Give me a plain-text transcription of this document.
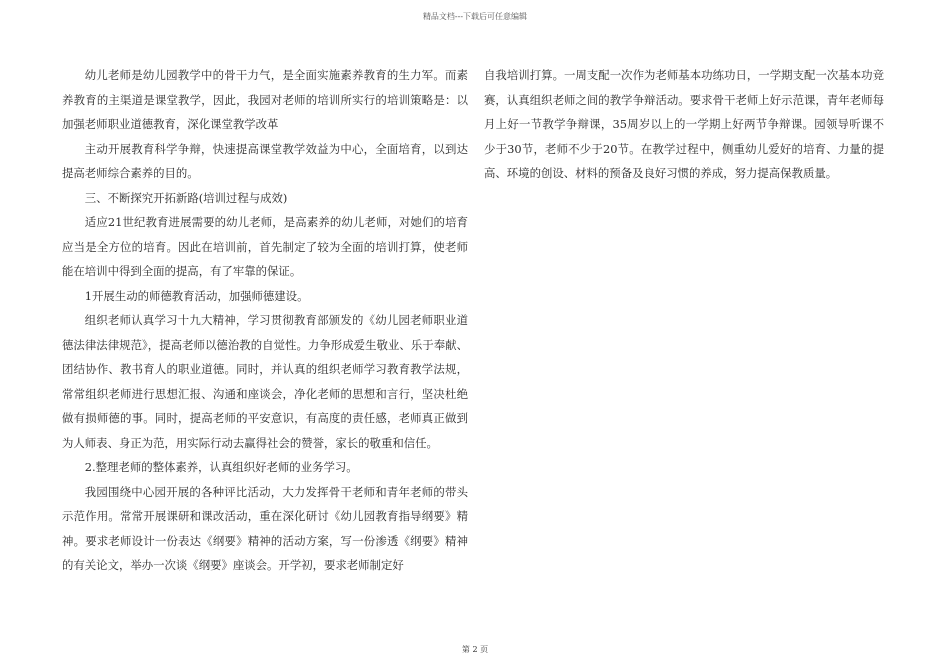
精品文档---下载后可任意编辑

幼儿老师是幼儿园教学中的骨干力气，是全面实施素养教育的生力军。而素养教育的主渠道是课堂教学，因此，我园对老师的培训所实行的培训策略是：以加强老师职业道德教育，深化课堂教学改革

主动开展教育科学争辩，快速提高课堂教学效益为中心，全面培育，以到达提高老师综合素养的目的。

三、不断探究开拓新路(培训过程与成效)

适应21世纪教育进展需要的幼儿老师，是高素养的幼儿老师，对她们的培育应当是全方位的培育。因此在培训前，首先制定了较为全面的培训打算，使老师能在培训中得到全面的提高，有了牢靠的保证。

1开展生动的师德教育活动，加强师德建设。

组织老师认真学习十九大精神，学习贯彻教育部颁发的《幼儿园老师职业道德法律法律规范》，提高老师以德治教的自觉性。力争形成爱生敬业、乐于奉献、团结协作、教书育人的职业道德。同时，并认真的组织老师学习教育教学法规，常常组织老师进行思想汇报、沟通和座谈会，净化老师的思想和言行，坚决杜绝做有损师德的事。同时，提高老师的平安意识，有高度的责任感，老师真正做到为人师表、身正为范，用实际行动去赢得社会的赞誉，家长的敬重和信任。

2.整理老师的整体素养，认真组织好老师的业务学习。

我园围绕中心园开展的各种评比活动，大力发挥骨干老师和青年老师的带头示范作用。常常开展课研和课改活动，重在深化研讨《幼儿园教育指导纲要》精神。要求老师设计一份表达《纲要》精神的活动方案，写一份渗透《纲要》精神的有关论文，举办一次谈《纲要》座谈会。开学初，要求老师制定好

自我培训打算。一周支配一次作为老师基本功练功日，一学期支配一次基本功竞赛，认真组织老师之间的教学争辩活动。要求骨干老师上好示范课，青年老师每月上好一节教学争辩课，35周岁以上的一学期上好两节争辩课。园领导听课不少于30节，老师不少于20节。在教学过程中，侧重幼儿爱好的培育、力量的提高、环境的创设、材料的预备及良好习惯的养成，努力提高保教质量。

第 2 页
